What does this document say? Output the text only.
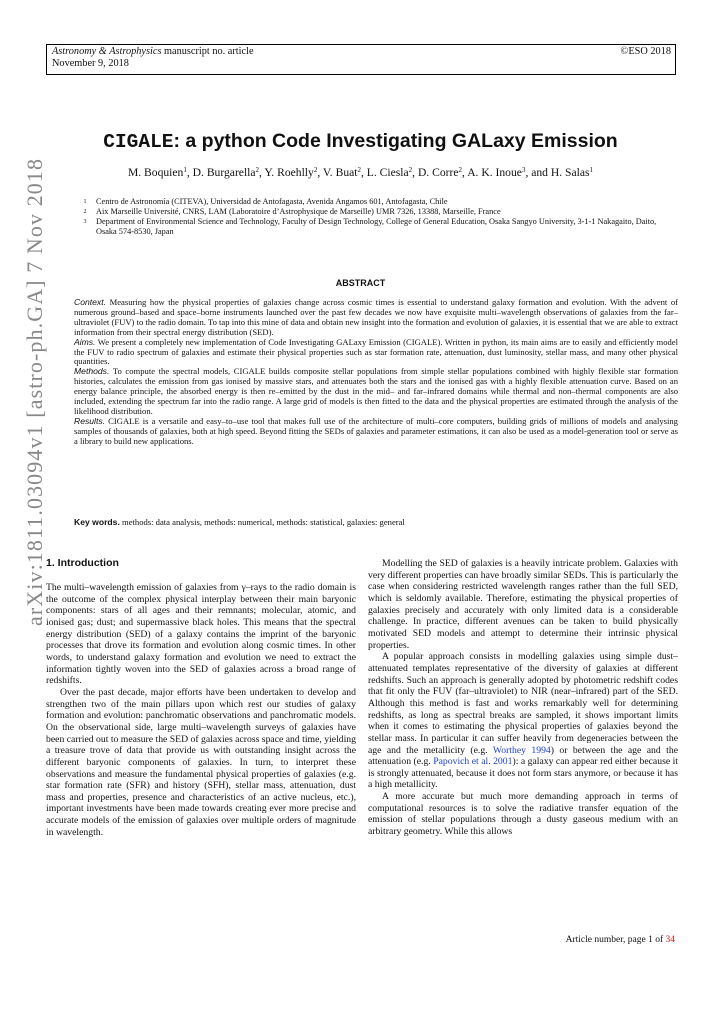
Astronomy & Astrophysics manuscript no. article
November 9, 2018
©ESO 2018
arXiv:1811.03094v1 [astro-ph.GA] 7 Nov 2018
CIGALE: a python Code Investigating GALaxy Emission
M. Boquien$^1$, D. Burgarella$^2$, Y. Roehlly$^2$, V. Buat$^2$, L. Ciesla$^2$, D. Corre$^2$, A. K. Inoue$^3$, and H. Salas$^1$
1	Centro de Astronomía (CITEVA), Universidad de Antofagasta, Avenida Angamos 601, Antofagasta, Chile
2	Aix Marseille Université, CNRS, LAM (Laboratoire d’Astrophysique de Marseille) UMR 7326, 13388, Marseille, France
3	Department of Environmental Science and Technology, Faculty of Design Technology, College of General Education, Osaka Sangyo University, 3-1-1 Nakagaito, Daito, Osaka 574-8530, Japan
ABSTRACT

Context. Measuring how the physical properties of galaxies change across cosmic times is essential to understand galaxy formation and evolution. With the advent of numerous ground–based and space–borne instruments launched over the past few decades we now have exquisite multi–wavelength observations of galaxies from the far–ultraviolet (FUV) to the radio domain. To tap into this mine of data and obtain new insight into the formation and evolution of galaxies, it is essential that we are able to extract information from their spectral energy distribution (SED).

Aims. We present a completely new implementation of Code Investigating GALaxy Emission (CIGALE). Written in python, its main aims are to easily and efficiently model the FUV to radio spectrum of galaxies and estimate their physical properties such as star formation rate, attenuation, dust luminosity, stellar mass, and many other physical quantities.

Methods. To compute the spectral models, CIGALE builds composite stellar populations from simple stellar populations combined with highly flexible star formation histories, calculates the emission from gas ionised by massive stars, and attenuates both the stars and the ionised gas with a highly flexible attenuation curve. Based on an energy balance principle, the absorbed energy is then re–emitted by the dust in the mid– and far–infrared domains while thermal and non–thermal components are also included, extending the spectrum far into the radio range. A large grid of models is then fitted to the data and the physical properties are estimated through the analysis of the likelihood distribution.

Results. CIGALE is a versatile and easy–to–use tool that makes full use of the architecture of multi–core computers, building grids of millions of models and analysing samples of thousands of galaxies, both at high speed. Beyond fitting the SEDs of galaxies and parameter estimations, it can also be used as a model-generation tool or serve as a library to build new applications.

Key words. methods: data analysis, methods: numerical, methods: statistical, galaxies: general
1. Introduction

The multi–wavelength emission of galaxies from γ–rays to the radio domain is the outcome of the complex physical interplay between their main baryonic components: stars of all ages and their remnants; molecular, atomic, and ionised gas; dust; and supermassive black holes. This means that the spectral energy distribution (SED) of a galaxy contains the imprint of the baryonic processes that drove its formation and evolution along cosmic times. In other words, to understand galaxy formation and evolution we need to extract the information tightly woven into the SED of galaxies across a broad range of redshifts.

Over the past decade, major efforts have been undertaken to develop and strengthen two of the main pillars upon which rest our studies of galaxy formation and evolution: panchromatic observations and panchromatic models. On the observational side, large multi–wavelength surveys of galaxies have been carried out to measure the SED of galaxies across space and time, yielding a treasure trove of data that provide us with outstanding insight across the different baryonic components of galaxies. In turn, to interpret these observations and measure the fundamental physical properties of galaxies (e.g. star formation rate (SFR) and history (SFH), stellar mass, attenuation, dust mass and properties, presence and characteristics of an active nucleus, etc.), important investments have been made towards creating ever more precise and accurate models of the emission of galaxies over multiple orders of magnitude in wavelength.

Modelling the SED of galaxies is a heavily intricate problem. Galaxies with very different properties can have broadly similar SEDs. This is particularly the case when considering restricted wavelength ranges rather than the full SED, which is seldomly available. Therefore, estimating the physical properties of galaxies precisely and accurately with only limited data is a considerable challenge. In practice, different avenues can be taken to build physically motivated SED models and attempt to determine their intrinsic physical properties.

A popular approach consists in modelling galaxies using simple dust–attenuated templates representative of the diversity of galaxies at different redshifts. Such an approach is generally adopted by photometric redshift codes that fit only the FUV (far–ultraviolet) to NIR (near–infrared) part of the SED. Although this method is fast and works remarkably well for determining redshifts, as long as spectral breaks are sampled, it shows important limits when it comes to estimating the physical properties of galaxies beyond the stellar mass. In particular it can suffer heavily from degeneracies between the age and the metallicity (e.g. Worthey 1994) or between the age and the attenuation (e.g. Papovich et al. 2001): a galaxy can appear red either because it is strongly attenuated, because it does not form stars anymore, or because it has a high metallicity.

A more accurate but much more demanding approach in terms of computational resources is to solve the radiative transfer equation of the emission of stellar populations through a dusty gaseous medium with an arbitrary geometry. While this allows

Article number, page 1 of 34
